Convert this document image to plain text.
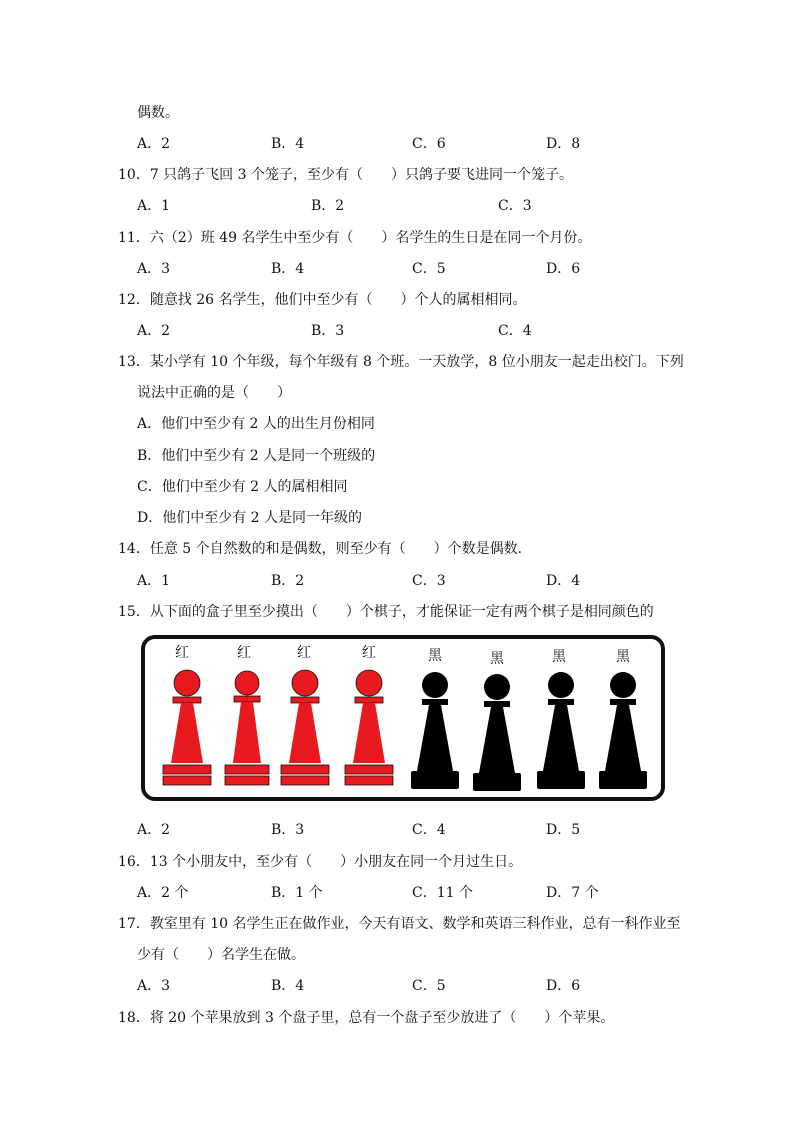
偶数。
A．2	B．4	C．6	D．8
10．7 只鸽子飞回 3 个笼子，至少有（　　）只鸽子要飞进同一个笼子。
A．1	B．2	C．3
11．六（2）班 49 名学生中至少有（　　）名学生的生日是在同一个月份。
A．3	B．4	C．5	D．6
12．随意找 26 名学生，他们中至少有（　　）个人的属相相同。
A．2	B．3	C．4
13．某小学有 10 个年级，每个年级有 8 个班。一天放学，8 位小朋友一起走出校门。下列
说法中正确的是（　　）
A．他们中至少有 2 人的出生月份相同
B．他们中至少有 2 人是同一个班级的
C．他们中至少有 2 人的属相相同
D．他们中至少有 2 人是同一年级的
14．任意 5 个自然数的和是偶数，则至少有（　　）个数是偶数．
A．1	B．2	C．3	D．4
15．从下面的盒子里至少摸出（　　）个棋子，才能保证一定有两个棋子是相同颜色的
红	红	红	红	黑	黑	黑	黑
A．2	B．3	C．4	D．5
16．13 个小朋友中，至少有（　　）小朋友在同一个月过生日。
A．2 个	B．1 个	C．11 个	D．7 个
17．教室里有 10 名学生正在做作业，今天有语文、数学和英语三科作业，总有一科作业至
少有（　　）名学生在做。
A．3	B．4	C．5	D．6
18．将 20 个苹果放到 3 个盘子里，总有一个盘子至少放进了（　　）个苹果。
